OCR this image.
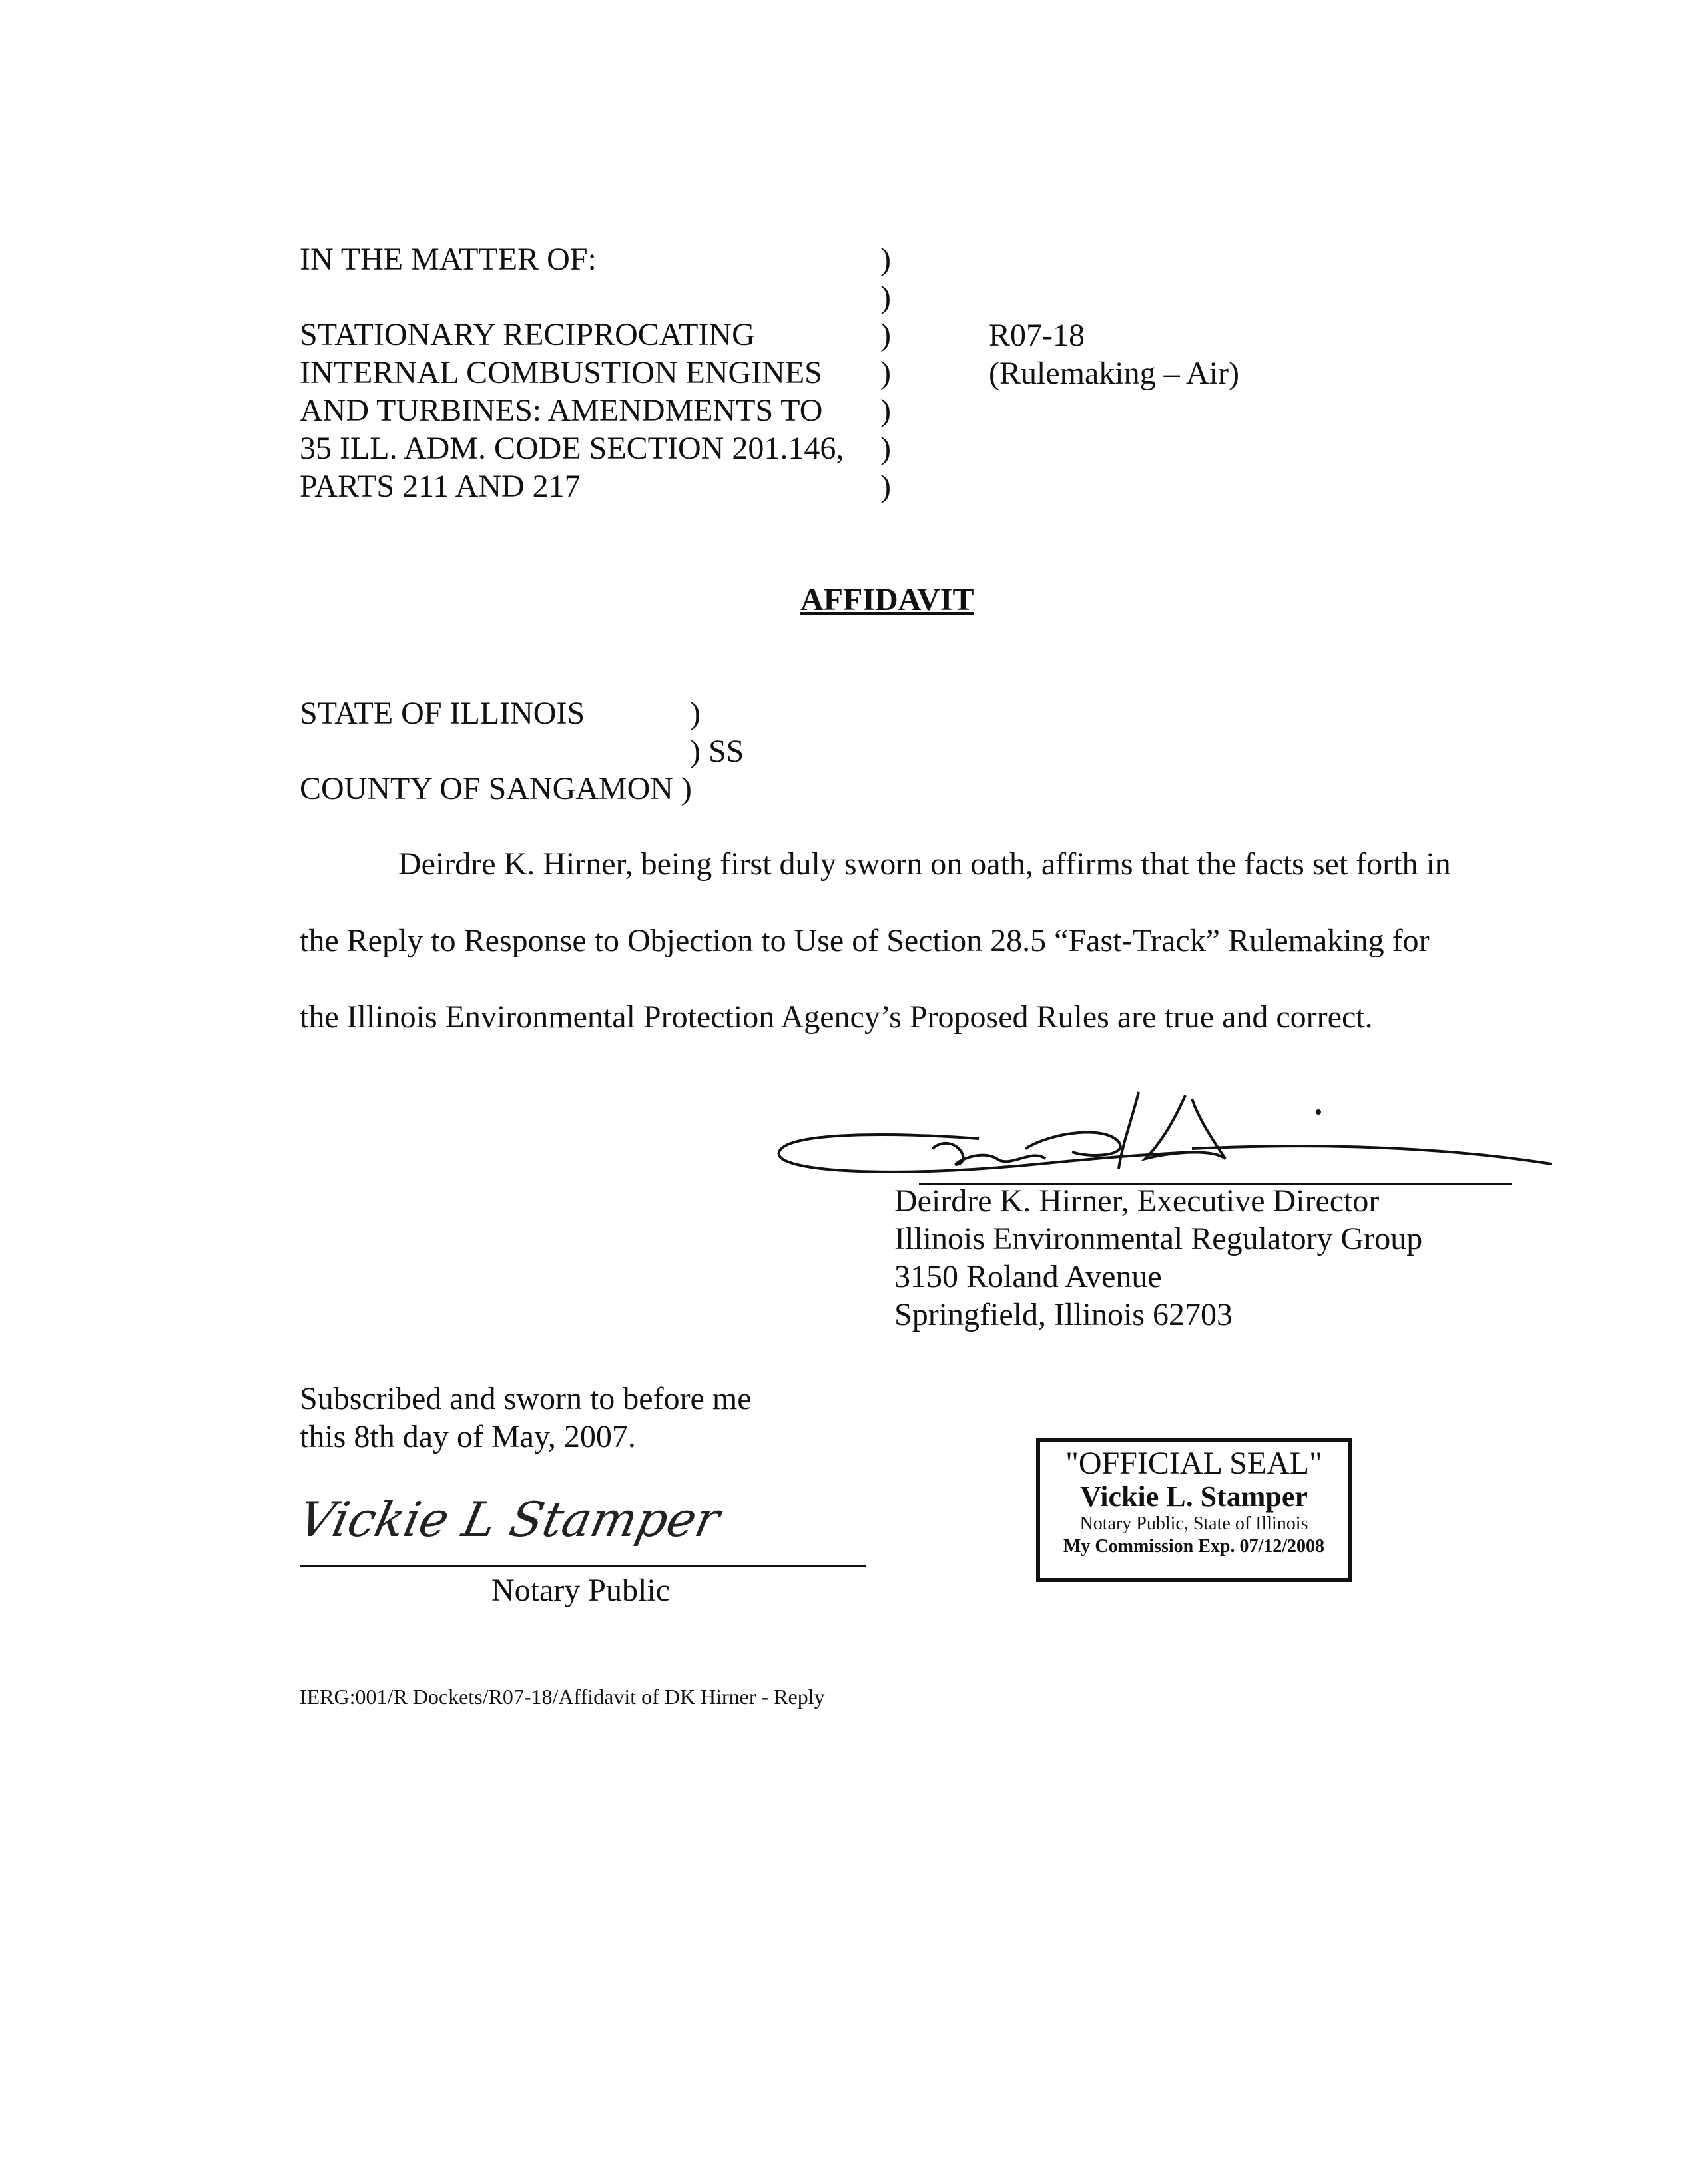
IN THE MATTER OF:
STATIONARY RECIPROCATING
INTERNAL COMBUSTION ENGINES
AND TURBINES: AMENDMENTS TO
35 ILL. ADM. CODE SECTION 201.146,
PARTS 211 AND 217
)
)
)
)
)
)
)
R07-18
(Rulemaking – Air)
AFFIDAVIT
STATE OF ILLINOIS	)
) SS
COUNTY OF SANGAMON )
Deirdre K. Hirner, being first duly sworn on oath, affirms that the facts set forth in
the Reply to Response to Objection to Use of Section 28.5 “Fast-Track” Rulemaking for
the Illinois Environmental Protection Agency’s Proposed Rules are true and correct.
Deirdre K. Hirner, Executive Director
Illinois Environmental Regulatory Group
3150 Roland Avenue
Springfield, Illinois 62703
Subscribed and sworn to before me
this 8th day of May, 2007.
Vickie L Stamper
Notary Public
"OFFICIAL SEAL"
Vickie L. Stamper
Notary Public, State of Illinois
My Commission Exp. 07/12/2008
IERG:001/R Dockets/R07-18/Affidavit of DK Hirner - Reply
